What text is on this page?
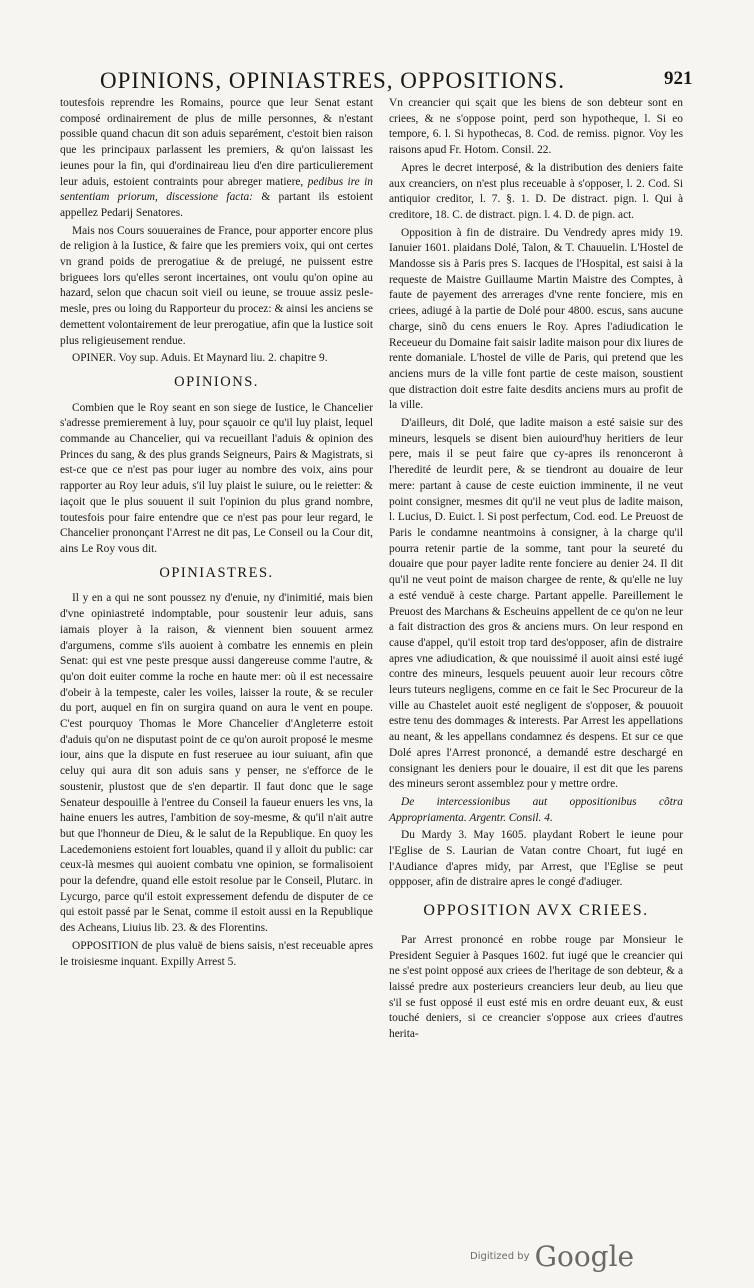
OPINIONS, OPINIASTRES, OPPOSITIONS.	921

toutesfois reprendre les Romains, pource que leur Senat estant composé ordinairement de plus de mille personnes, & n'estant possible quand chacun dit son aduis separément, c'estoit bien raison que les principaux parlassent les premiers, & qu'on laissast les ieunes pour la fin, qui d'ordinaireau lieu d'en dire particulierement leur aduis, estoient contraints pour abreger matiere, pedibus ire in sententiam priorum, discessione facta: & partant ils estoient appellez Pedarij Senatores.

Mais nos Cours souueraines de France, pour apporter encore plus de religion à la Iustice, & faire que les premiers voix, qui ont certes vn grand poids de prerogatiue & de preiugé, ne puissent estre briguees lors qu'elles seront incertaines, ont voulu qu'on opine au hazard, selon que chacun soit vieil ou ieune, se trouue assiz pesle-mesle, pres ou loing du Rapporteur du procez: & ainsi les anciens se demettent volontairement de leur prerogatiue, afin que la Iustice soit plus religieusement rendue.

OPINER. Voy sup. Aduis. Et Maynard liu. 2. chapitre 9.

OPINIONS.

Combien que le Roy seant en son siege de Iustice, le Chancelier s'adresse premierement à luy, pour sçauoir ce qu'il luy plaist, lequel commande au Chancelier, qui va recueillant l'aduis & opinion des Princes du sang, & des plus grands Seigneurs, Pairs & Magistrats, si est-ce que ce n'est pas pour iuger au nombre des voix, ains pour rapporter au Roy leur aduis, s'il luy plaist le suiure, ou le reietter: & iaçoit que le plus souuent il suit l'opinion du plus grand nombre, toutesfois pour faire entendre que ce n'est pas pour leur regard, le Chancelier prononçant l'Arrest ne dit pas, Le Conseil ou la Cour dit, ains Le Roy vous dit.

OPINIASTRES.

Il y en a qui ne sont poussez ny d'enuie, ny d'inimitié, mais bien d'vne opiniastreté indomptable, pour soustenir leur aduis, sans iamais ployer à la raison, & viennent bien souuent armez d'argumens, comme s'ils auoient à combatre les ennemis en plein Senat: qui est vne peste presque aussi dangereuse comme l'autre, & qu'on doit euiter comme la roche en haute mer: où il est necessaire d'obeir à la tempeste, caler les voiles, laisser la route, & se reculer du port, auquel en fin on surgira quand on aura le vent en poupe. C'est pourquoy Thomas le More Chancelier d'Angleterre estoit d'aduis qu'on ne disputast point de ce qu'on auroit proposé le mesme iour, ains que la dispute en fust reseruee au iour suiuant, afin que celuy qui aura dit son aduis sans y penser, ne s'efforce de le soustenir, plustost que de s'en departir. Il faut donc que le sage Senateur despouille à l'entree du Conseil la faueur enuers les vns, la haine enuers les autres, l'ambition de soy-mesme, & qu'il n'ait autre but que l'honneur de Dieu, & le salut de la Republique. En quoy les Lacedemoniens estoient fort louables, quand il y alloit du public: car ceux-là mesmes qui auoient combatu vne opinion, se formalisoient pour la defendre, quand elle estoit resolue par le Conseil, Plutarc. in Lycurgo, parce qu'il estoit expressement defendu de disputer de ce qui estoit passé par le Senat, comme il estoit aussi en la Republique des Acheans, Liuius lib. 23. & des Florentins.

OPPOSITION de plus valuë de biens saisis, n'est receuable apres le troisiesme inquant. Expilly Arrest 5.

Vn creancier qui sçait que les biens de son debteur sont en criees, & ne s'oppose point, perd son hypotheque, l. Si eo tempore, 6. l. Si hypothecas, 8. Cod. de remiss. pignor. Voy les raisons apud Fr. Hotom. Consil. 22.

Apres le decret interposé, & la distribution des deniers faite aux creanciers, on n'est plus receuable à s'opposer, l. 2. Cod. Si antiquior creditor, l. 7. §. 1. D. De distract. pign. l. Qui à creditore, 18. C. de distract. pign. l. 4. D. de pign. act.

Opposition à fin de distraire. Du Vendredy apres midy 19. Ianuier 1601. plaidans Dolé, Talon, & T. Chauuelin. L'Hostel de Mandosse sis à Paris pres S. Iacques de l'Hospital, est saisi à la requeste de Maistre Guillaume Martin Maistre des Comptes, à faute de payement des arrerages d'vne rente fonciere, mis en criees, adiugé à la partie de Dolé pour 4800. escus, sans aucune charge, sinõ du cens enuers le Roy. Apres l'adiudication le Receueur du Domaine fait saisir ladite maison pour dix liures de rente domaniale. L'hostel de ville de Paris, qui pretend que les anciens murs de la ville font partie de ceste maison, soustient que distraction doit estre faite desdits anciens murs au profit de la ville.

D'ailleurs, dit Dolé, que ladite maison a esté saisie sur des mineurs, lesquels se disent bien auiourd'huy heritiers de leur pere, mais il se peut faire que cy-apres ils renonceront à l'heredité de leurdit pere, & se tiendront au douaire de leur mere: partant à cause de ceste euiction imminente, il ne veut point consigner, mesmes dit qu'il ne veut plus de ladite maison, l. Lucius, D. Euict. l. Si post perfectum, Cod. eod. Le Preuost de Paris le condamne neantmoins à consigner, à la charge qu'il pourra retenir partie de la somme, tant pour la seureté du douaire que pour payer ladite rente fonciere au denier 24. Il dit qu'il ne veut point de maison chargee de rente, & qu'elle ne luy a esté venduë à ceste charge. Partant appelle. Pareillement le Preuost des Marchans & Escheuins appellent de ce qu'on ne leur a fait distraction des gros & anciens murs. On leur respond en cause d'appel, qu'il estoit trop tard des'opposer, afin de distraire apres vne adiudication, & que nouissimé il auoit ainsi esté iugé contre des mineurs, lesquels peuuent auoir leur recours cõtre leurs tuteurs negligens, comme en ce fait le Sec Procureur de la ville au Chastelet auoit esté negligent de s'opposer, & pouuoit estre tenu des dommages & interests. Par Arrest les appellations au neant, & les appellans condamnez és despens. Et sur ce que Dolé apres l'Arrest prononcé, a demandé estre deschargé en consignant les deniers pour le douaire, il est dit que les parens des mineurs seront assemblez pour y mettre ordre.

De intercessionibus aut oppositionibus cõtra Appropriamenta. Argentr. Consil. 4.

Du Mardy 3. May 1605. playdant Robert le ieune pour l'Eglise de S. Laurian de Vatan contre Choart, fut iugé en l'Audiance d'apres midy, par Arrest, que l'Eglise se peut oppposer, afin de distraire apres le congé d'adiuger.

OPPOSITION AVX CRIEES.

Par Arrest prononcé en robbe rouge par Monsieur le President Seguier à Pasques 1602. fut iugé que le creancier qui ne s'est point opposé aux criees de l'heritage de son debteur, & a laissé predre aux posterieurs creanciers leur deub, au lieu que s'il se fust opposé il eust esté mis en ordre deuant eux, & eust touché deniers, si ce creancier s'oppose aux criees d'autres herita-

Digitized by Google
